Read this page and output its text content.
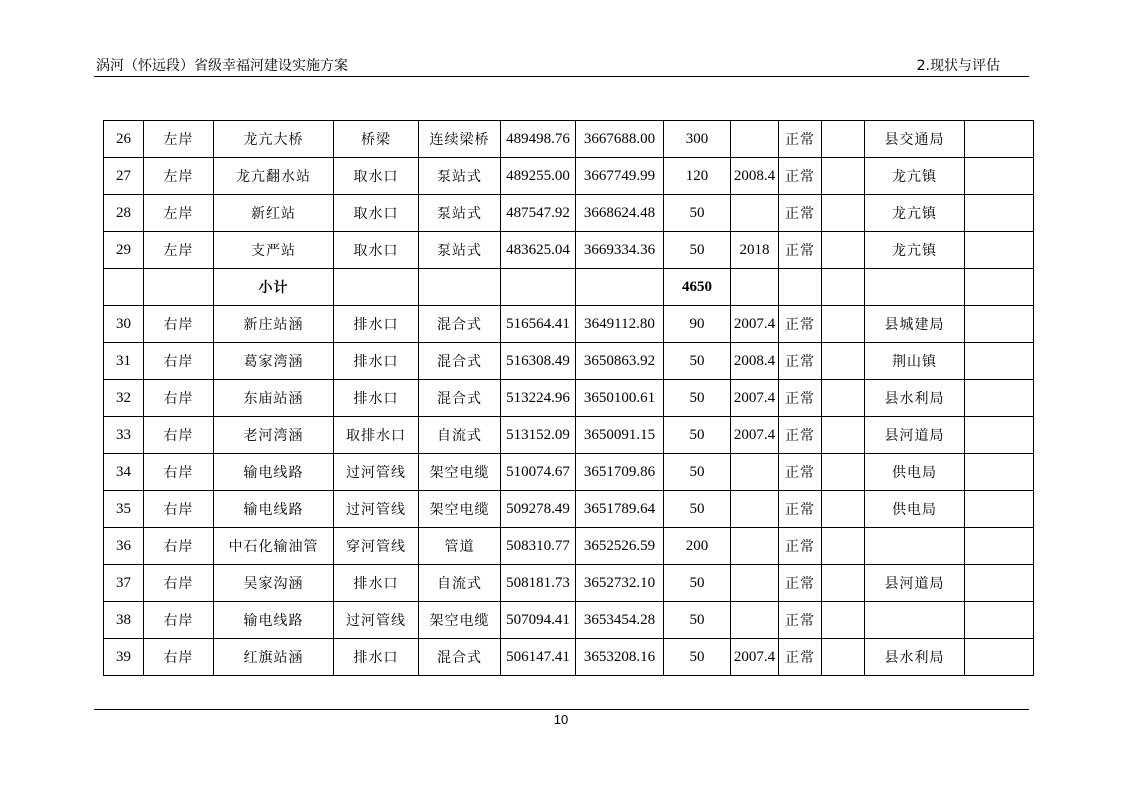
涡河（怀远段）省级幸福河建设实施方案	2.现状与评估
26	左岸	龙亢大桥	桥梁	连续梁桥	489498.76	3667688.00	300		正常		县交通局	
27	左岸	龙亢翻水站	取水口	泵站式	489255.00	3667749.99	120	2008.4	正常		龙亢镇	
28	左岸	新红站	取水口	泵站式	487547.92	3668624.48	50		正常		龙亢镇	
29	左岸	支严站	取水口	泵站式	483625.04	3669334.36	50	2018	正常		龙亢镇	
		小计					4650					
30	右岸	新庄站涵	排水口	混合式	516564.41	3649112.80	90	2007.4	正常		县城建局	
31	右岸	葛家湾涵	排水口	混合式	516308.49	3650863.92	50	2008.4	正常		荆山镇	
32	右岸	东庙站涵	排水口	混合式	513224.96	3650100.61	50	2007.4	正常		县水利局	
33	右岸	老河湾涵	取排水口	自流式	513152.09	3650091.15	50	2007.4	正常		县河道局	
34	右岸	输电线路	过河管线	架空电缆	510074.67	3651709.86	50		正常		供电局	
35	右岸	输电线路	过河管线	架空电缆	509278.49	3651789.64	50		正常		供电局	
36	右岸	中石化输油管	穿河管线	管道	508310.77	3652526.59	200		正常			
37	右岸	吴家沟涵	排水口	自流式	508181.73	3652732.10	50		正常		县河道局	
38	右岸	输电线路	过河管线	架空电缆	507094.41	3653454.28	50		正常			
39	右岸	红旗站涵	排水口	混合式	506147.41	3653208.16	50	2007.4	正常		县水利局	
10
